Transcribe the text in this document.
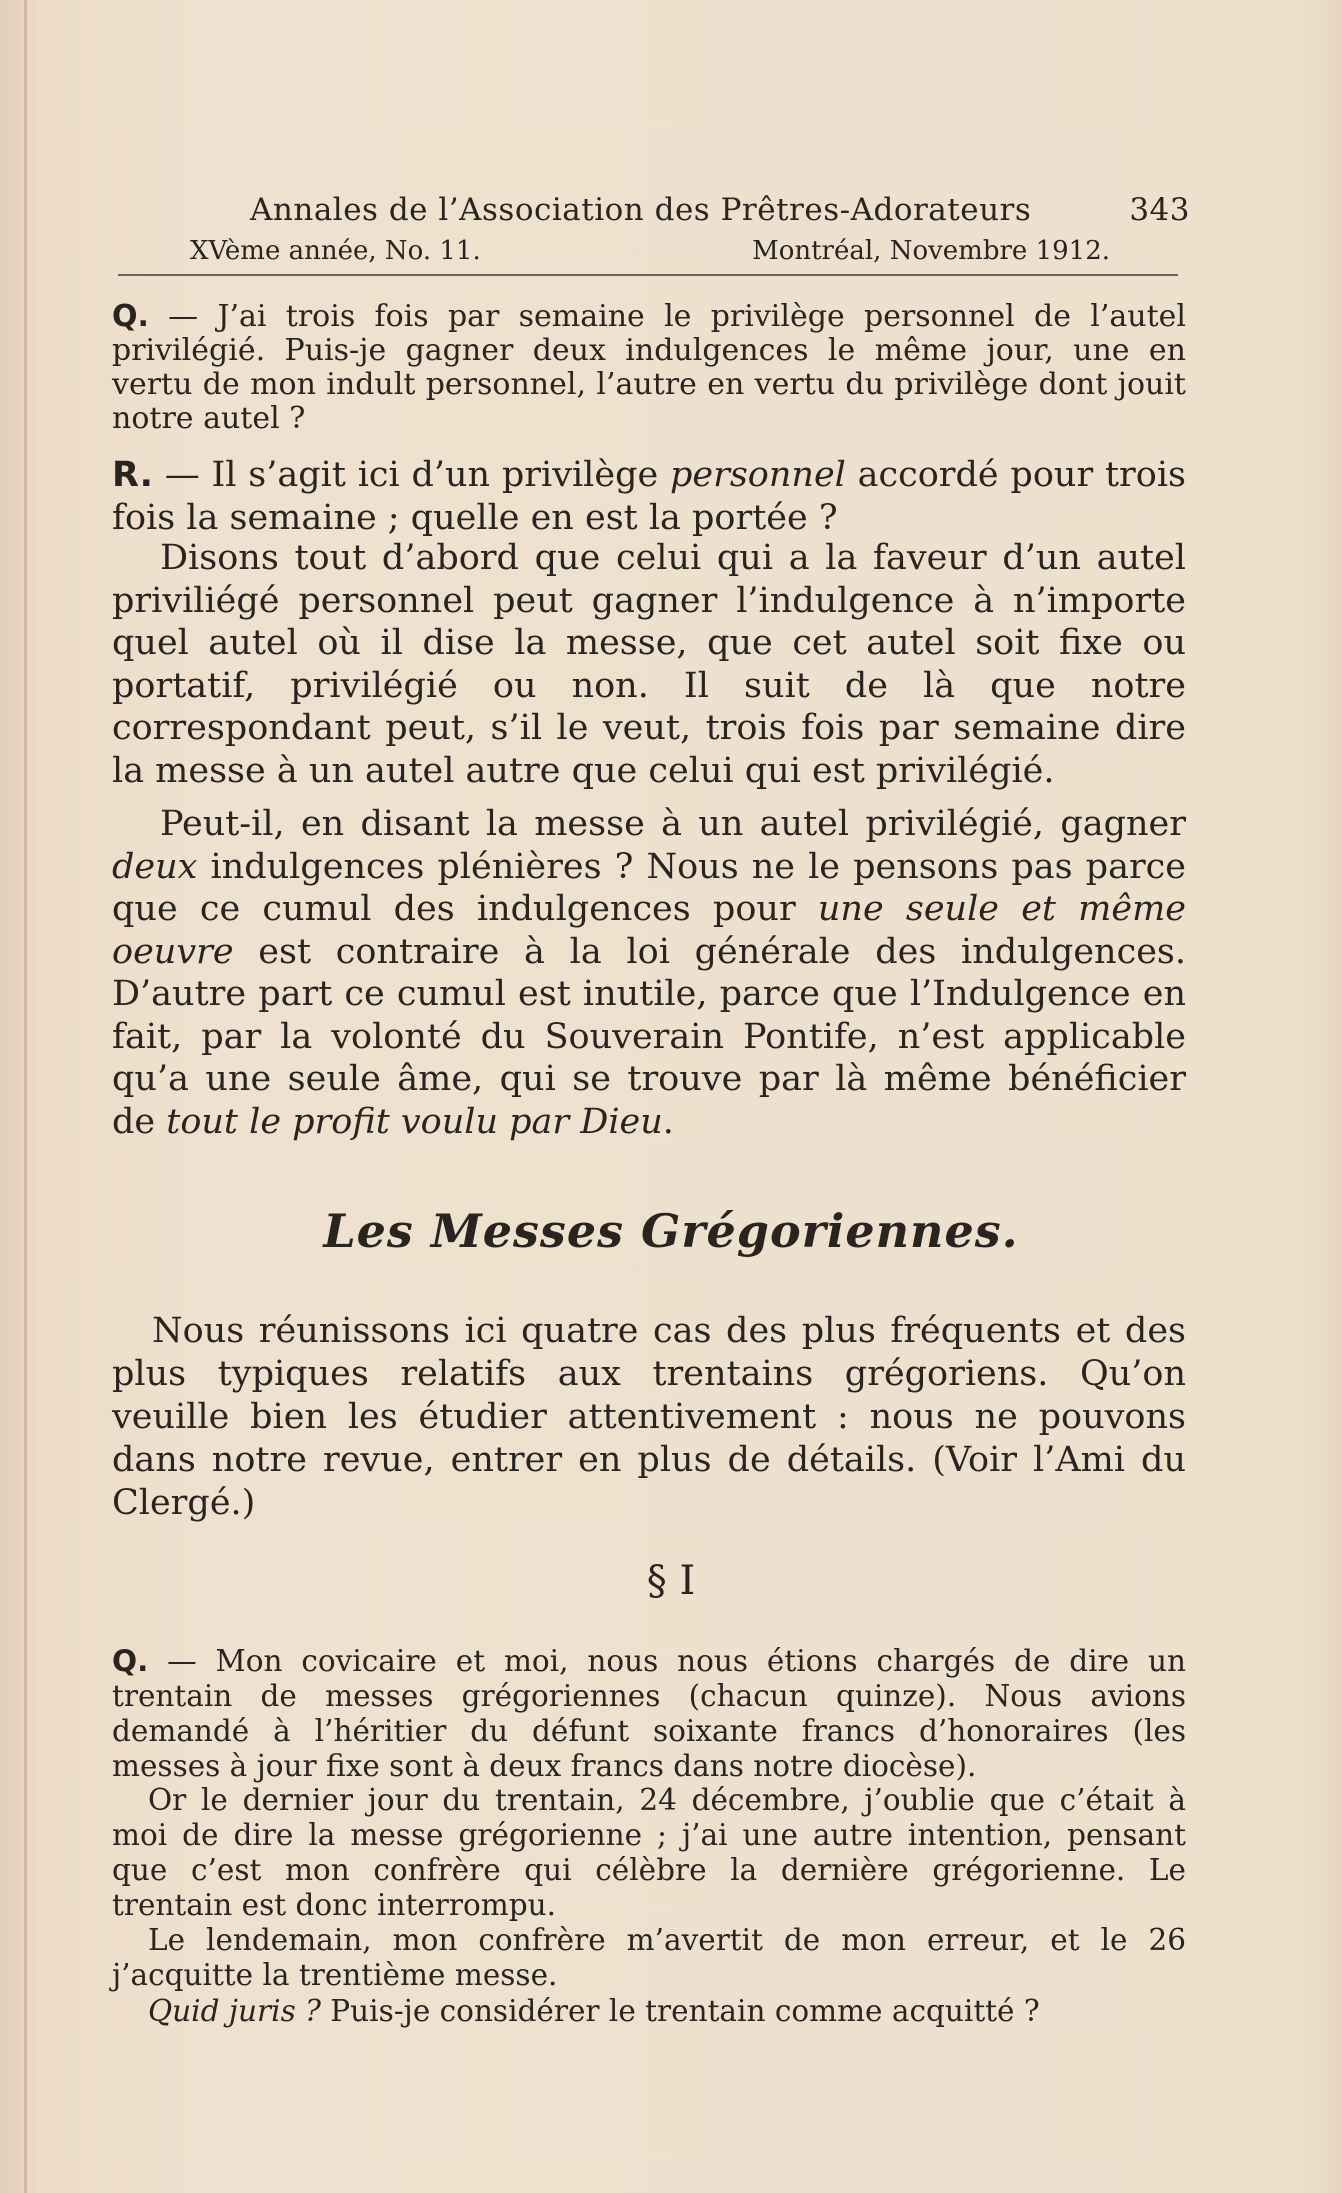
Annales de l’Association des Prêtres-Adorateurs	343
XVème année, No. 11.	Montréal, Novembre 1912.
Q. — J’ai trois fois par semaine le privilège personnel de l’autel privilégié. Puis-je gagner deux indulgences le même jour, une en vertu de mon indult personnel, l’autre en vertu du privilège dont jouit notre autel ?
R. — Il s’agit ici d’un privilège personnel accordé pour trois fois la semaine ; quelle en est la portée ?
Disons tout d’abord que celui qui a la faveur d’un autel priviliégé personnel peut gagner l’indulgence à n’importe quel autel où il dise la messe, que cet autel soit fixe ou portatif, privilégié ou non. Il suit de là que notre correspondant peut, s’il le veut, trois fois par semaine dire la messe à un autel autre que celui qui est privilégié.
Peut-il, en disant la messe à un autel privilégié, gagner deux indulgences plénières ? Nous ne le pensons pas parce que ce cumul des indulgences pour une seule et même oeuvre est contraire à la loi générale des indulgences. D’autre part ce cumul est inutile, parce que l’Indulgence en fait, par la volonté du Souverain Pontife, n’est applicable qu’a une seule âme, qui se trouve par là même bénéficier de tout le profit voulu par Dieu.
Les Messes Grégoriennes.
Nous réunissons ici quatre cas des plus fréquents et des plus typiques relatifs aux trentains grégoriens. Qu’on veuille bien les étudier attentivement : nous ne pouvons dans notre revue, entrer en plus de détails. (Voir l’Ami du Clergé.)
§ I
Q. — Mon covicaire et moi, nous nous étions chargés de dire un trentain de messes grégoriennes (chacun quinze). Nous avions demandé à l’héritier du défunt soixante francs d’honoraires (les messes à jour fixe sont à deux francs dans notre diocèse).
Or le dernier jour du trentain, 24 décembre, j’oublie que c’était à moi de dire la messe grégorienne ; j’ai une autre intention, pensant que c’est mon confrère qui célèbre la dernière grégorienne. Le trentain est donc interrompu.
Le lendemain, mon confrère m’avertit de mon erreur, et le 26 j’acquitte la trentième messe.
Quid juris ? Puis-je considérer le trentain comme acquitté ?
